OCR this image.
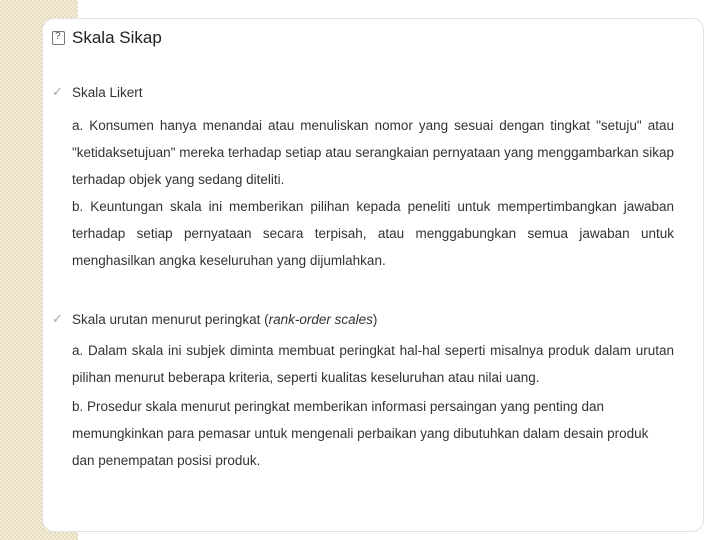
?
Skala Sikap
✓ Skala Likert
a. Konsumen hanya menandai atau menuliskan nomor yang sesuai dengan tingkat "setuju" atau "ketidaksetujuan" mereka terhadap setiap atau serangkaian pernyataan yang menggambarkan sikap terhadap objek yang sedang diteliti.
b. Keuntungan skala ini memberikan pilihan kepada peneliti untuk mempertimbangkan jawaban terhadap setiap pernyataan secara terpisah, atau menggabungkan semua jawaban untuk menghasilkan angka keseluruhan yang dijumlahkan.
✓ Skala urutan menurut peringkat (rank-order scales)
a. Dalam skala ini subjek diminta membuat peringkat hal-hal seperti misalnya produk dalam urutan pilihan menurut beberapa kriteria, seperti kualitas keseluruhan atau nilai uang.
b. Prosedur skala menurut peringkat memberikan informasi persaingan yang penting dan memungkinkan para pemasar untuk mengenali perbaikan yang dibutuhkan dalam desain produk dan penempatan posisi produk.
